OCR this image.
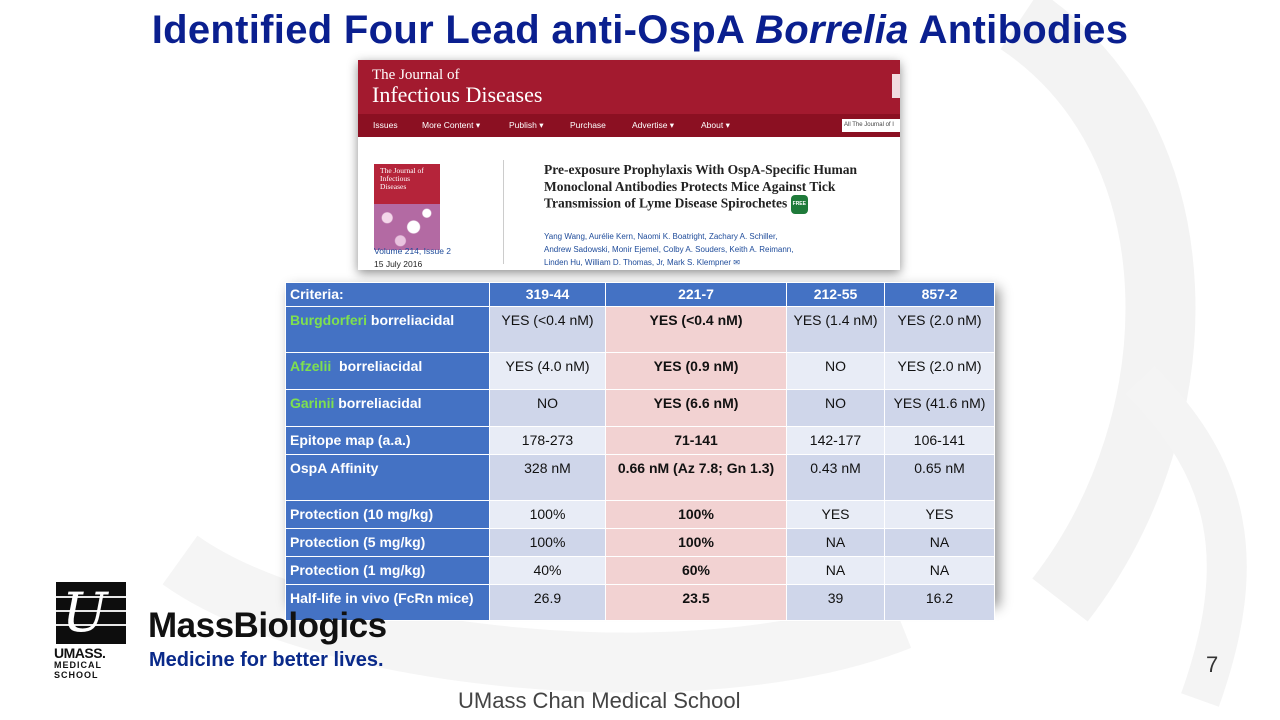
Identified Four Lead anti-OspA Borrelia Antibodies
The Journal of
Infectious Diseases
Issues	More Content ▾	Publish ▾	Purchase	Advertise ▾	About ▾	All The Journal of I
The Journal of
Infectious
Diseases
Volume 214, Issue 2
15 July 2016
Pre-exposure Prophylaxis With OspA-Specific Human Monoclonal Antibodies Protects Mice Against Tick Transmission of Lyme Disease Spirochetes FREE
Yang Wang, Aurélie Kern, Naomi K. Boatright, Zachary A. Schiller,
Andrew Sadowski, Monir Ejemel, Colby A. Souders, Keith A. Reimann,
Linden Hu, William D. Thomas, Jr, Mark S. Klempner ✉
Criteria:	319-44	221-7	212-55	857-2
Burgdorferi borreliacidal	YES (<0.4 nM)	YES (<0.4 nM)	YES (1.4 nM)	YES (2.0 nM)
Afzelii  borreliacidal	YES (4.0 nM)	YES (0.9 nM)	NO	YES (2.0 nM)
Garinii borreliacidal	NO	YES (6.6 nM)	NO	YES (41.6 nM)
Epitope map (a.a.)	178-273	71-141	142-177	106-141
OspA Affinity	328 nM	0.66 nM (Az 7.8; Gn 1.3)	0.43 nM	0.65 nM
Protection (10 mg/kg)	100%	100%	YES	YES
Protection (5 mg/kg)	100%	100%	NA	NA
Protection (1 mg/kg)	40%	60%	NA	NA
Half-life in vivo (FcRn mice)	26.9	23.5	39	16.2
U
UMASS.
MEDICAL
SCHOOL
MassBiologics
Medicine for better lives.	7
UMass Chan Medical School
